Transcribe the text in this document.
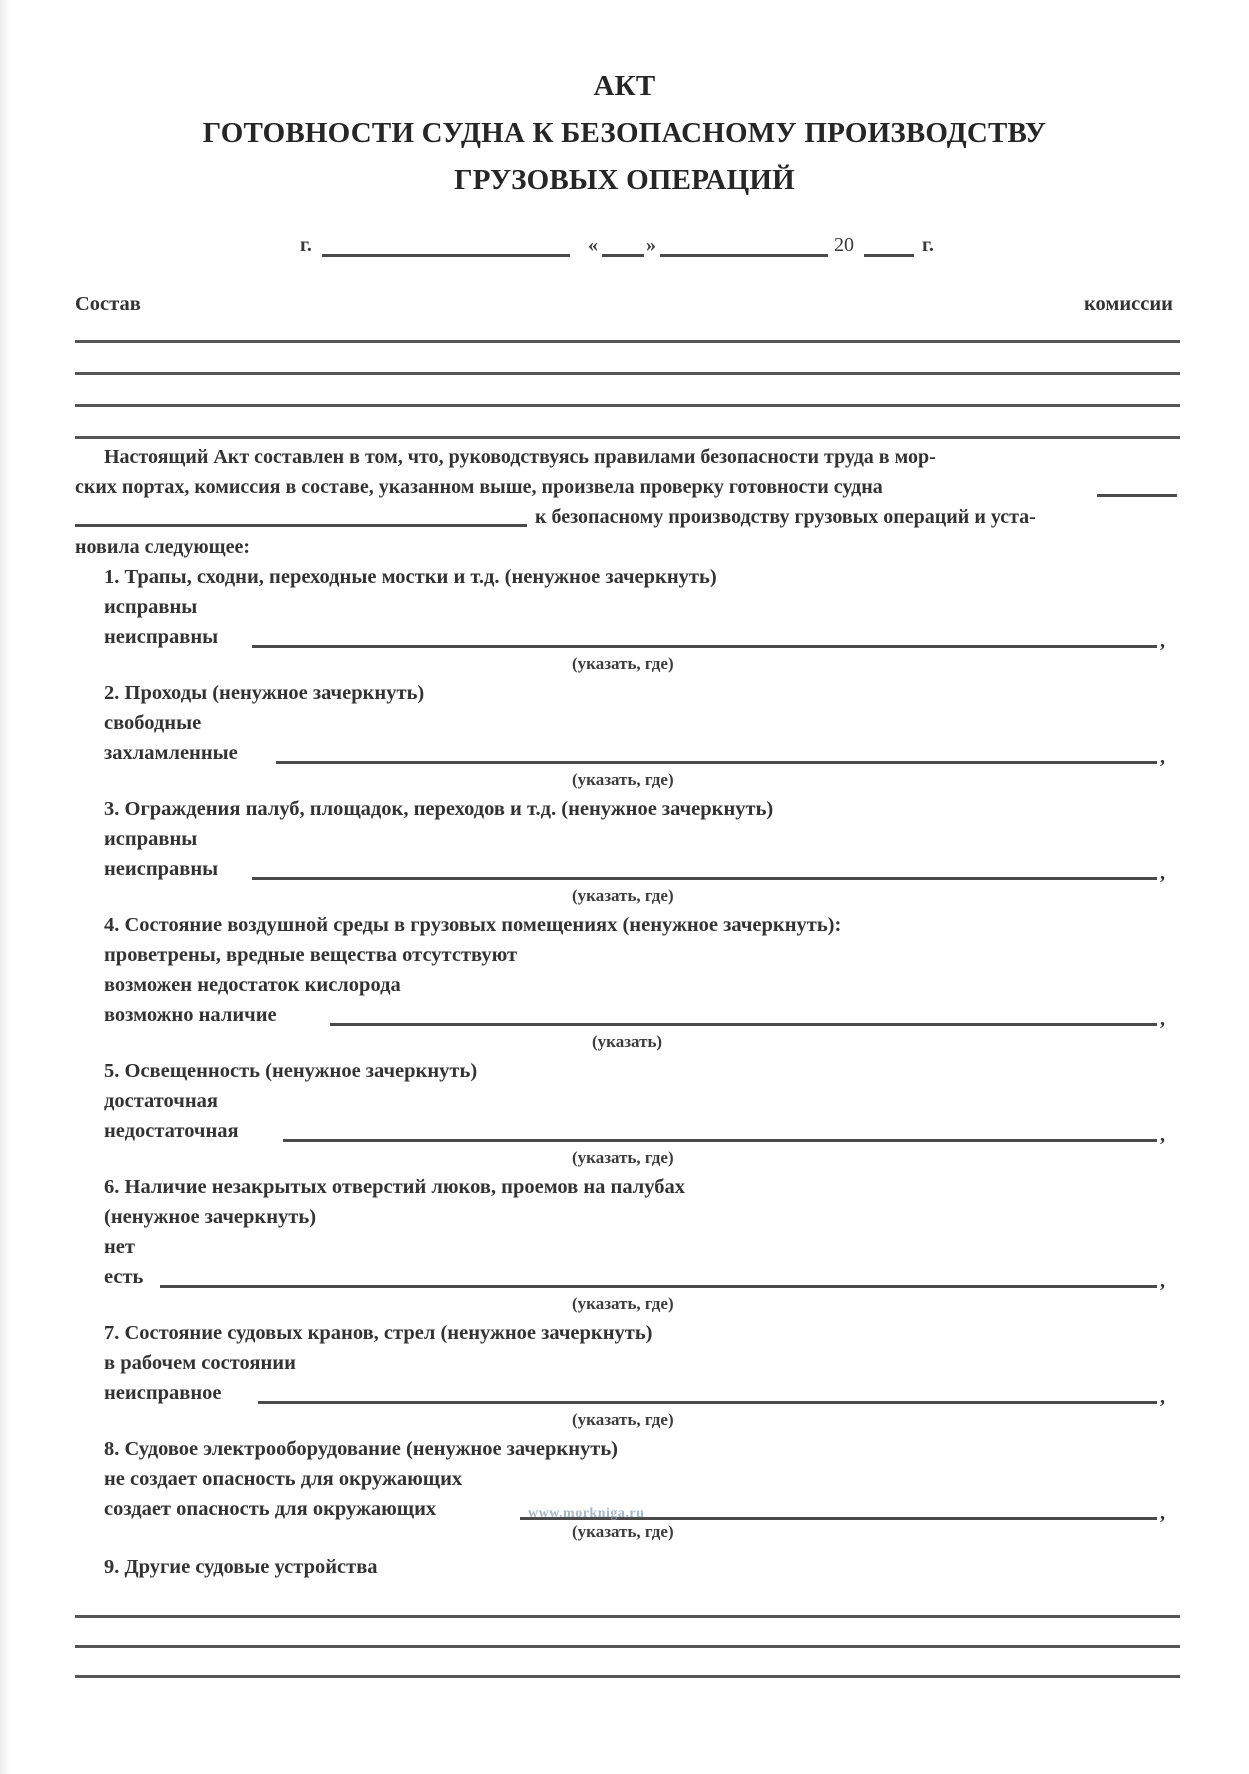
АКТ
ГОТОВНОСТИ СУДНА К БЕЗОПАСНОМУ ПРОИЗВОДСТВУ
ГРУЗОВЫХ ОПЕРАЦИЙ
г.	« »	20	г.
Состав	комиссии
Настоящий Акт составлен в том, что, руководствуясь правилами безопасности труда в мор-
ских портах, комиссия в составе, указанном выше, произвела проверку готовности судна
к безопасному производству грузовых операций и уста-
новила следующее:
1. Трапы, сходни, переходные мостки и т.д. (ненужное зачеркнуть)
исправны
неисправны	,
(указать, где)
2. Проходы (ненужное зачеркнуть)
свободные
захламленные	,
(указать, где)
3. Ограждения палуб, площадок, переходов и т.д. (ненужное зачеркнуть)
исправны
неисправны	,
(указать, где)
4. Состояние воздушной среды в грузовых помещениях (ненужное зачеркнуть):
проветрены, вредные вещества отсутствуют
возможен недостаток кислорода
возможно наличие	,
(указать)
5. Освещенность (ненужное зачеркнуть)
достаточная
недостаточная	,
(указать, где)
6. Наличие незакрытых отверстий люков, проемов на палубах
(ненужное зачеркнуть)
нет
есть	,
(указать, где)
7. Состояние судовых кранов, стрел (ненужное зачеркнуть)
в рабочем состоянии
неисправное	,
(указать, где)
8. Судовое электрооборудование (ненужное зачеркнуть)
не создает опасность для окружающих
создает опасность для окружающих	www.morkniga.ru	,
(указать, где)
9. Другие судовые устройства
